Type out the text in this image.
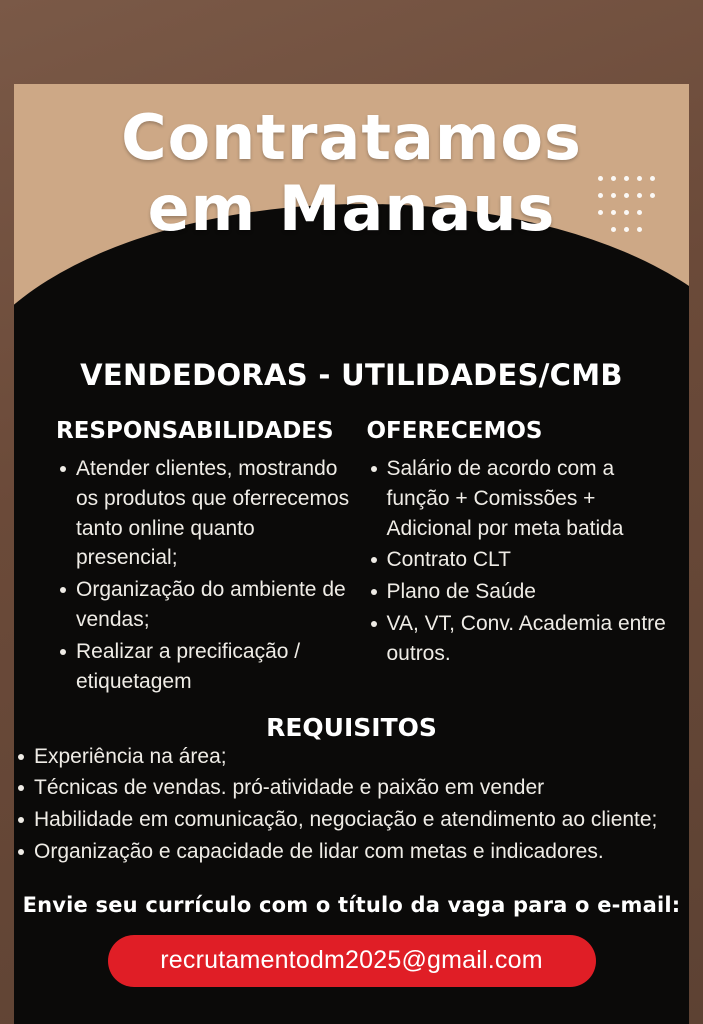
Contratamos
em Manaus
VENDEDORAS - UTILIDADES/CMB
RESPONSABILIDADES
Atender clientes, mostrando os produtos que oferrecemos tanto online quanto presencial;
Organização do ambiente de vendas;
Realizar a precificação / etiquetagem
OFERECEMOS
Salário de acordo com a função + Comissões + Adicional por meta batida
Contrato CLT
Plano de Saúde
VA, VT, Conv. Academia entre outros.
REQUISITOS
Experiência na área;
Técnicas de vendas. pró-atividade e paixão em vender
Habilidade em comunicação, negociação e atendimento ao cliente;
Organização e capacidade de lidar com metas e indicadores.
Envie seu currículo com o título da vaga para o e-mail:
recrutamentodm2025@gmail.com
